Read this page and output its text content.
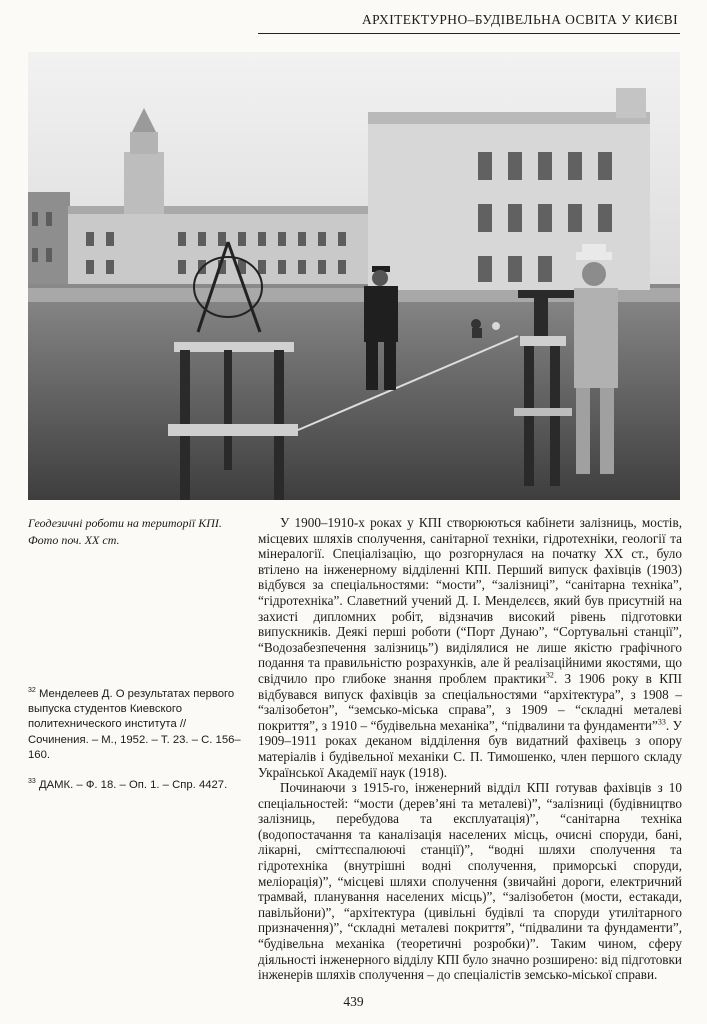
АРХІТЕКТУРНО–БУДІВЕЛЬНА ОСВІТА У КИЄВІ
Геодезичні роботи на території КПІ.
Фото поч. XX ст.

У 1900–1910-х роках у КПІ створюються кабінети залізниць, мостів, місцевих шляхів сполучення, санітарної техніки, гідротехніки, геології та мінералогії. Спеціалізацію, що розгорнулася на початку XX ст., було втілено на інженерному відділенні КПІ. Перший випуск фахівців (1903) відбувся за спеціальностями: “мости”, “залізниці”, “санітарна техніка”, “гідротехніка”. Славетний учений Д. І. Менделєєв, який був присутній на захисті дипломних робіт, відзначив високий рівень підготовки випускників. Деякі перші роботи (“Порт Дунаю”, “Сортувальні станції”, “Водозабезпечення залізниць”) виділялися не лише якістю графічного подання та правильністю розрахунків, але й реалізаційними якостями, що свідчило про глибоке знання проблем практики$^{32}$. З 1906 року в КПІ відбувався випуск фахівців за спеціальностями “архітектура”, з 1908 – “залізобетон”, “земсько-міська справа”, з 1909 – “складні металеві покриття”, з 1910 – “будівельна механіка”, “підвалини та фундаменти”$^{33}$. У 1909–1911 роках деканом відділення був видатний фахівець з опору матеріалів і будівельної механіки С. П. Тимошенко, член першого складу Української Академії наук (1918).

Починаючи з 1915-го, інженерний відділ КПІ готував фахівців з 10 спеціальностей: “мости (дерев’яні та металеві)”, “залізниці (будівництво залізниць, перебудова та експлуатація)”, “санітарна техніка (водопостачання та каналізація населених місць, очисні споруди, бані, лікарні, сміттєспалюючі станції)”, “водні шляхи сполучення та гідротехніка (внутрішні водні сполучення, приморські споруди, меліорація)”, “місцеві шляхи сполучення (звичайні дороги, електричний трамвай, планування населених місць)”, “залізобетон (мости, естакади, павільйони)”, “архітектура (цивільні будівлі та споруди утилітарного призначення)”, “складні металеві покриття”, “підвалини та фундаменти”, “будівельна механіка (теоретичні розробки)”. Таким чином, сферу діяльності інженерного відділу КПІ було значно розширено: від підготовки інженерів шляхів сполучення – до спеціалістів земсько-міської справи.

$^{32}$ Менделеев Д. О результатах первого выпуска студентов Киевского политехнического института // Сочинения. – М., 1952. – Т. 23. – С. 156–160.

$^{33}$ ДАМК. – Ф. 18. – Оп. 1. – Спр. 4427.

439
